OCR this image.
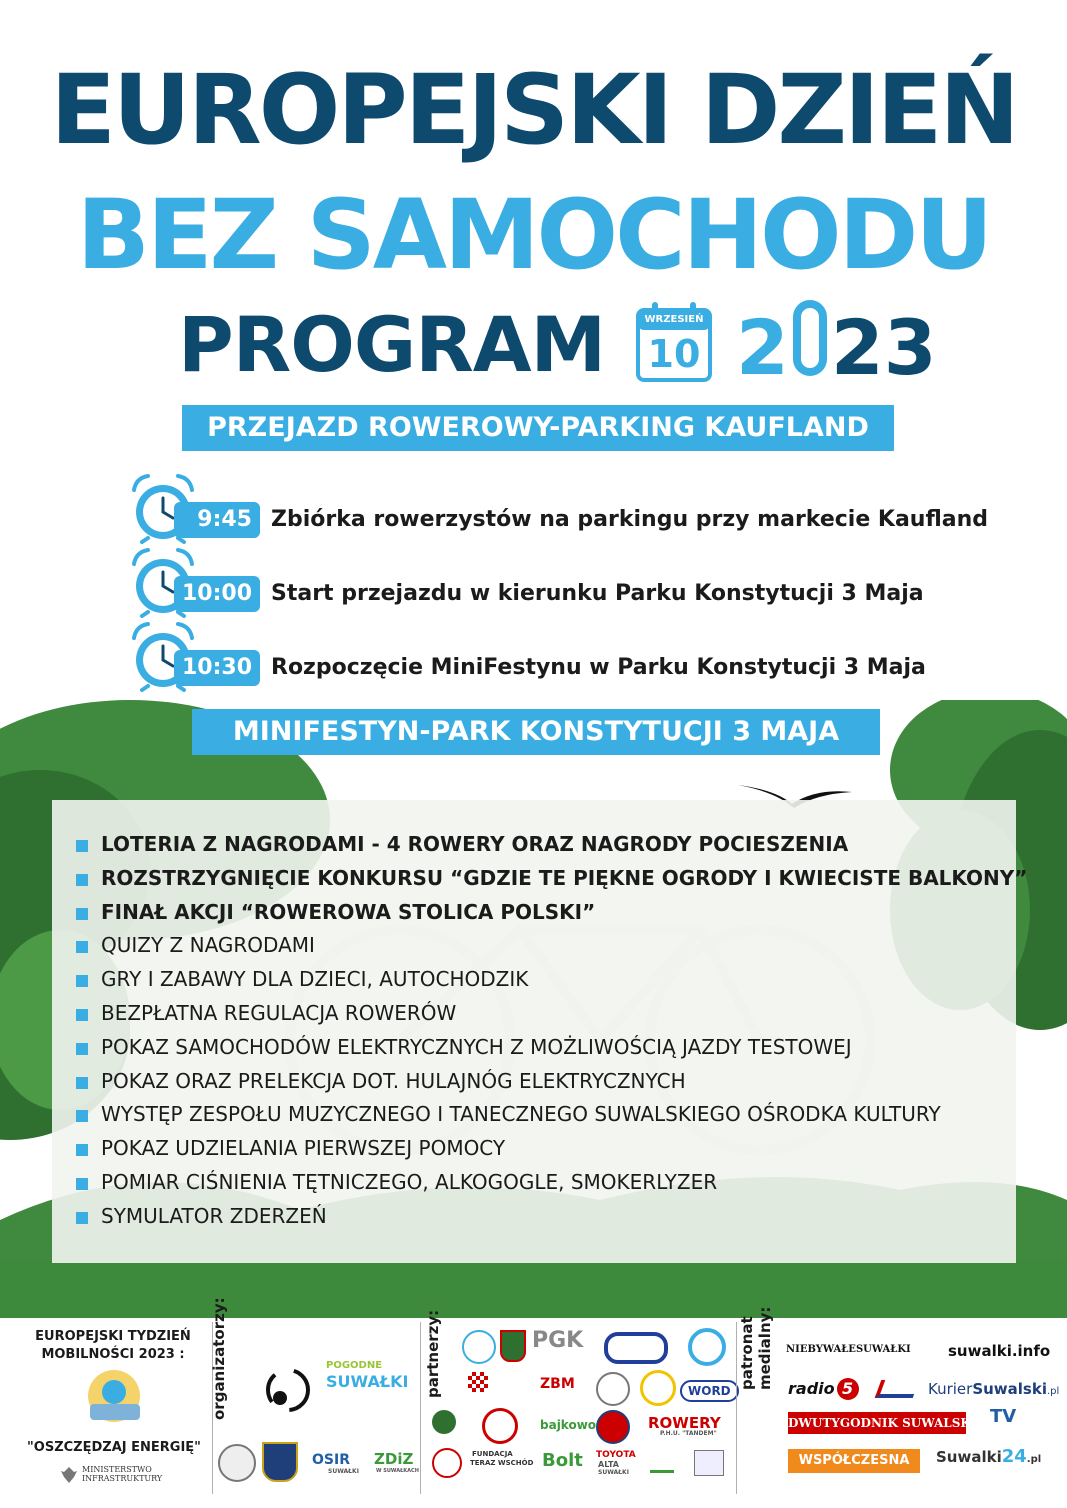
EUROPEJSKI DZIEŃ
BEZ SAMOCHODU
PROGRAM	WRZESIEŃ
10 2 23
PRZEJAZD ROWEROWY-PARKING KAUFLAND
9:45 Zbiórka rowerzystów na parkingu przy markecie Kaufland
10:00 Start przejazdu w kierunku Parku Konstytucji 3 Maja
10:30 Rozpoczęcie MiniFestynu w Parku Konstytucji 3 Maja
MINIFESTYN-PARK KONSTYTUCJI 3 MAJA
LOTERIA Z NAGRODAMI - 4 ROWERY ORAZ NAGRODY POCIESZENIA
ROZSTRZYGNIĘCIE KONKURSU “GDZIE TE PIĘKNE OGRODY I KWIECISTE BALKONY”
FINAŁ AKCJI “ROWEROWA STOLICA POLSKI”
QUIZY Z NAGRODAMI
GRY I ZABAWY DLA DZIECI, AUTOCHODZIK
BEZPŁATNA REGULACJA ROWERÓW
POKAZ SAMOCHODÓW ELEKTRYCZNYCH Z MOŻLIWOŚCIĄ JAZDY TESTOWEJ
POKAZ ORAZ PRELEKCJA DOT. HULAJNÓG ELEKTRYCZNYCH
WYSTĘP ZESPOŁU MUZYCZNEGO I TANECZNEGO SUWALSKIEGO OŚRODKA KULTURY
POKAZ UDZIELANIA PIERWSZEJ POMOCY
POMIAR CIŚNIENIA TĘTNICZEGO, ALKOGOGLE, SMOKERLYZER
SYMULATOR ZDERZEŃ
EUROPEJSKI TYDZIEŃ
MOBILNOŚCI 2023 :
"OSZCZĘDZAJ ENERGIĘ"
MINISTERSTWO
INFRASTRUKTURY
organizatorzy:	POGODNE
SUWAŁKI
OSIR
SUWAŁKI
ZDiZ
W SUWAŁKACH
partnerzy:	PGK
ZBM	WORD
bajkowo	ROWERY
P.H.U. "TANDEM"
FUNDACJA
TERAZ WSCHÓD Bolt TOYOTA
ALTA
SUWAŁKI
patronat medialny: NIEBYWAŁESUWAŁKI suwalki.info
radio 5	KurierSuwalski.pl
DWUTYGODNIK SUWALSKI TV
WSPÓŁCZESNA	Suwalki24.pl
